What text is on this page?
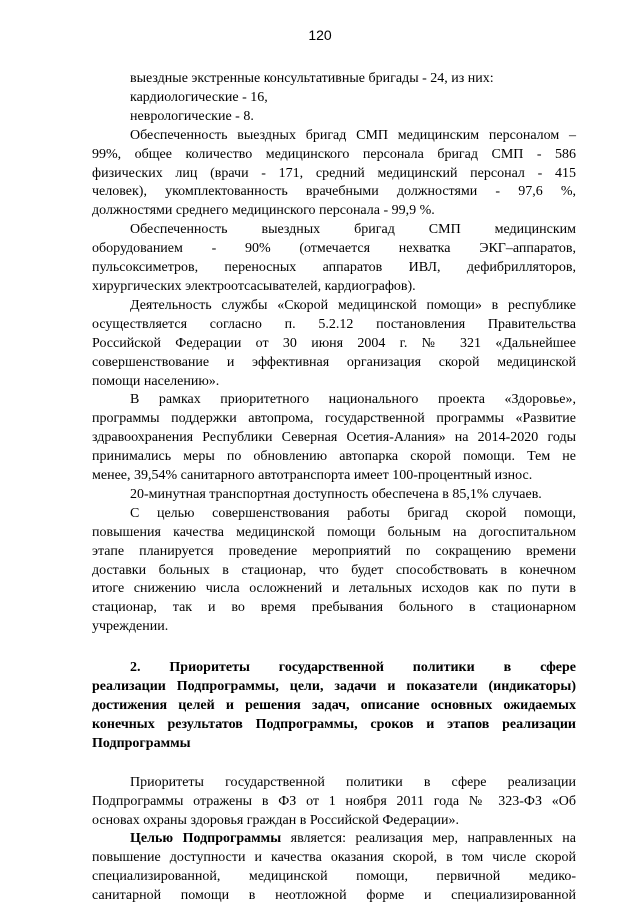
120

выездные экстренные консультативные бригады - 24, из них:
кардиологические - 16,
неврологические - 8.

Обеспеченность выездных бригад СМП медицинским персоналом –
99%, общее количество медицинского персонала бригад СМП - 586
физических лиц (врачи - 171, средний медицинский персонал - 415
человек), укомплектованность врачебными должностями - 97,6 %,
должностями среднего медицинского персонала - 99,9 %.

Обеспеченность выездных бригад СМП медицинским
оборудованием - 90% (отмечается нехватка ЭКГ–аппаратов,
пульсоксиметров, переносных аппаратов ИВЛ, дефибрилляторов,
хирургических электроотсасывателей, кардиографов).

Деятельность службы «Скорой медицинской помощи» в республике
осуществляется согласно п. 5.2.12 постановления Правительства
Российской Федерации от 30 июня 2004 г. № 321 «Дальнейшее
совершенствование и эффективная организация скорой медицинской
помощи населению».

В рамках приоритетного национального проекта «Здоровье»,
программы поддержки автопрома, государственной программы «Развитие
здравоохранения Республики Северная Осетия-Алания» на 2014-2020 годы
принимались меры по обновлению автопарка скорой помощи. Тем не
менее, 39,54% санитарного автотранспорта имеет 100-процентный износ.

20-минутная транспортная доступность обеспечена в 85,1% случаев.

С целью совершенствования работы бригад скорой помощи,
повышения качества медицинской помощи больным на догоспитальном
этапе планируется проведение мероприятий по сокращению времени
доставки больных в стационар, что будет способствовать в конечном
итоге снижению числа осложнений и летальных исходов как по пути в
стационар, так и во время пребывания больного в стационарном
учреждении.

2. Приоритеты государственной политики в сфере
реализации Подпрограммы, цели, задачи и показатели (индикаторы)
достижения целей и решения задач, описание основных ожидаемых
конечных результатов Подпрограммы, сроков и этапов реализации
Подпрограммы

Приоритеты государственной политики в сфере реализации
Подпрограммы отражены в ФЗ от 1 ноября 2011 года № 323-ФЗ «Об
основах охраны здоровья граждан в Российской Федерации».

Целью Подпрограммы является: реализация мер, направленных на
повышение доступности и качества оказания скорой, в том числе скорой
специализированной, медицинской помощи, первичной медико-
санитарной помощи в неотложной форме и специализированной
